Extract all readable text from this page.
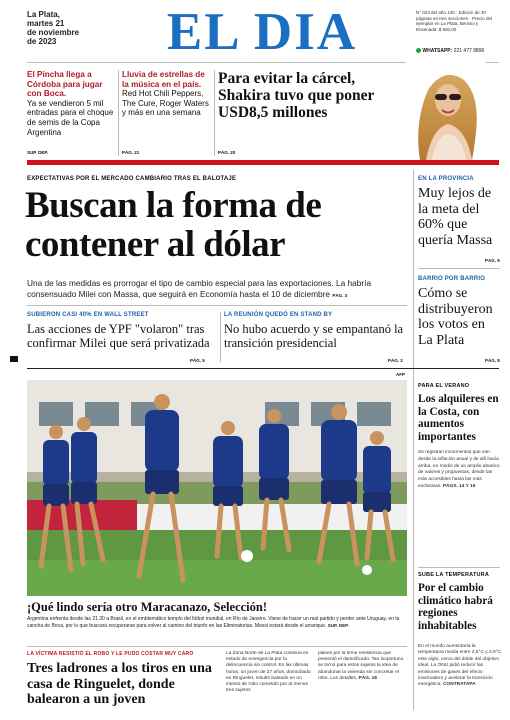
La Plata,
martes 21
de noviembre
de 2023	EL DIA	N° 023 del año 130 · Edición de 40 páginas en tres secciones · Precio del ejemplar en La Plata, Berisso y Ensenada: $ 600,00
WHATSAPP: 221 477 9896
El Pincha llega a Córdoba para jugar con Boca.
Ya se vendieron 5 mil entradas para el choque de semis de la Copa Argentina
SUP. DEP.
Lluvia de estrellas de la música en el país.
Red Hot Chili Peppers, The Cure, Roger Waters y más en una semana
PÁG. 21
Para evitar la cárcel, Shakira tuvo que poner USD8,5 millones
PÁG. 20
EXPECTATIVAS POR EL MERCADO CAMBIARIO TRAS EL BALOTAJE
Buscan la forma de contener al dólar
Una de las medidas es prorrogar el tipo de cambio especial para las exportaciones. La habría consensuado Milei con Massa, que seguirá en Economía hasta el 10 de diciembre PÁG. 3
SUBIERON CASI 40% EN WALL STREET
Las acciones de YPF "volaron" tras confirmar Milei que será privatizada
PÁG. 5
LA REUNIÓN QUEDÓ EN STAND BY
No hubo acuerdo y se empantanó la transición presidencial
PÁG. 2
EN LA PROVINCIA
Muy lejos de la meta del 60% que quería Massa
PÁG. 9
BARRIO POR BARRIO
Cómo se distribuyeron los votos en La Plata
PÁG. 8
AFP
¡Qué lindo sería otro Maracanazo, Selección!
Argentina enfrenta desde las 21.30 a Brasil, en el emblemático templo del fútbol mundial, en Río de Janeiro. Viene de hacer un mal partido y perder ante Uruguay, en la cancha de Boca, por lo que buscará recuperarse para volver al camino del triunfo en las Eliminatorias. Messi estará desde el arranque. SUP. DEP.
PARA EL VERANO
Los alquileres en la Costa, con aumentos importantes
Se registran incrementos que van desde la inflación anual y de allí hacia arriba, en medio de un amplio abanico de valores y propuestas, desde las más accesibles hasta las más exclusivas. PÁGS. 14 Y 15
SUBE LA TEMPERATURA
Por el cambio climático habrá regiones inhabitables
En el mundo aumentaría la temperatura media entre 2,5°C y 2,9°C este siglo, cerca del doble del objetivo ideal. La ONU pidió reducir las emisiones de gases del efecto invernadero y acelerar la transición energética. CONTRATAPA
LA VÍCTIMA RESISTIÓ EL ROBO Y LE PUDO COSTAR MUY CARO
Tres ladrones a los tiros en una casa de Ringuelet, donde balearon a un joven
La Zona Norte de La Plata continúa en estado de emergencia por la delincuencia sin control. En las últimas horas, un joven de 27 años, domiciliado en Ringuelet, resultó baleado en un intento de robo cometido por al menos tres sujetos
planes por la firme resistencia que presentó el damnificado. Tan inoportuno se tornó para estos sujetos la idea de abandonar la vivienda sin concretar el robo. Los detalles, PÁG. 18
